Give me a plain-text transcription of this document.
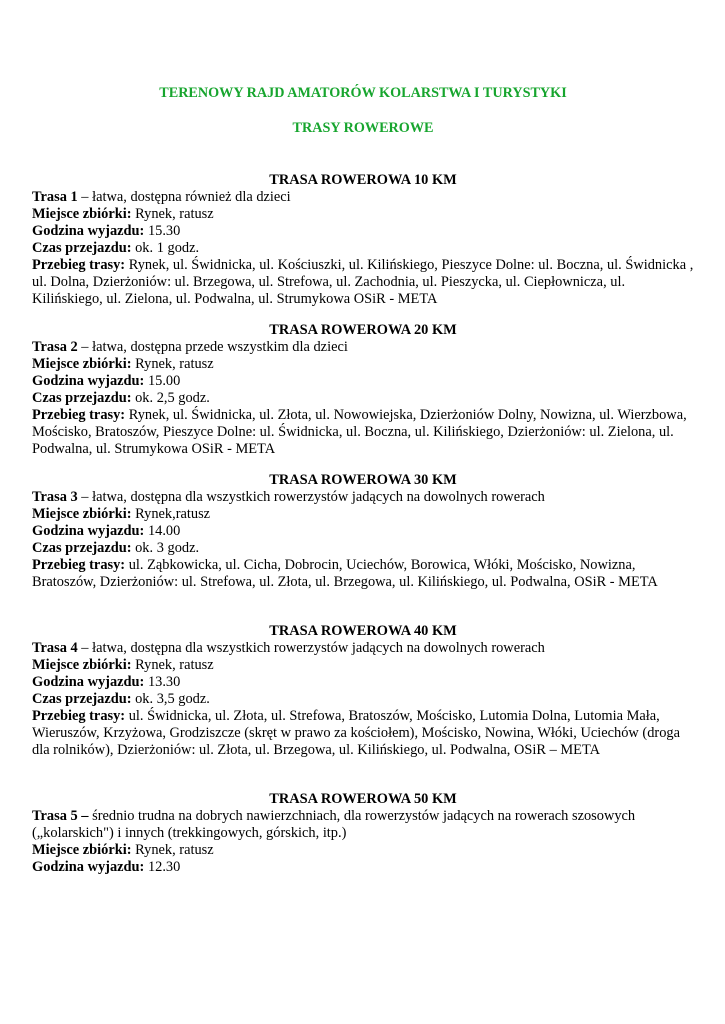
TERENOWY RAJD AMATORÓW KOLARSTWA I TURYSTYKI
TRASY ROWEROWE
TRASA ROWEROWA 10 KM
Trasa 1 – łatwa, dostępna również dla dzieci
Miejsce zbiórki: Rynek, ratusz
Godzina wyjazdu: 15.30
Czas przejazdu: ok. 1 godz.
Przebieg trasy: Rynek, ul. Świdnicka, ul. Kościuszki, ul. Kilińskiego, Pieszyce Dolne: ul. Boczna, ul. Świdnicka , ul. Dolna, Dzierżoniów: ul. Brzegowa, ul. Strefowa, ul. Zachodnia, ul. Pieszycka, ul. Ciepłownicza, ul. Kilińskiego, ul. Zielona, ul. Podwalna, ul. Strumykowa OSiR - META
TRASA ROWEROWA 20 KM
Trasa 2 – łatwa, dostępna przede wszystkim dla dzieci
Miejsce zbiórki: Rynek, ratusz
Godzina wyjazdu: 15.00
Czas przejazdu: ok. 2,5 godz.
Przebieg trasy: Rynek, ul. Świdnicka, ul. Złota, ul. Nowowiejska, Dzierżoniów Dolny, Nowizna, ul. Wierzbowa, Mościsko, Bratoszów, Pieszyce Dolne: ul. Świdnicka, ul. Boczna, ul. Kilińskiego, Dzierżoniów: ul. Zielona, ul. Podwalna, ul. Strumykowa OSiR - META
TRASA ROWEROWA 30 KM
Trasa 3 – łatwa, dostępna dla wszystkich rowerzystów jadących na dowolnych rowerach
Miejsce zbiórki: Rynek,ratusz
Godzina wyjazdu: 14.00
Czas przejazdu: ok. 3 godz.
Przebieg trasy: ul. Ząbkowicka, ul. Cicha, Dobrocin, Uciechów, Borowica, Włóki, Mościsko, Nowizna, Bratoszów, Dzierżoniów: ul. Strefowa, ul. Złota, ul. Brzegowa, ul. Kilińskiego, ul. Podwalna, OSiR - META
TRASA ROWEROWA 40 KM
Trasa 4 – łatwa, dostępna dla wszystkich rowerzystów jadących na dowolnych rowerach
Miejsce zbiórki: Rynek, ratusz
Godzina wyjazdu: 13.30
Czas przejazdu: ok. 3,5 godz.
Przebieg trasy: ul. Świdnicka, ul. Złota, ul. Strefowa, Bratoszów, Mościsko, Lutomia Dolna, Lutomia Mała, Wieruszów, Krzyżowa, Grodziszcze (skręt w prawo za kościołem), Mościsko, Nowina, Włóki, Uciechów (droga dla rolników), Dzierżoniów: ul. Złota, ul. Brzegowa, ul. Kilińskiego, ul. Podwalna, OSiR – META
TRASA ROWEROWA 50 KM
Trasa 5 – średnio trudna na dobrych nawierzchniach, dla rowerzystów jadących na rowerach szosowych („kolarskich") i innych (trekkingowych, górskich, itp.)
Miejsce zbiórki: Rynek, ratusz
Godzina wyjazdu: 12.30
